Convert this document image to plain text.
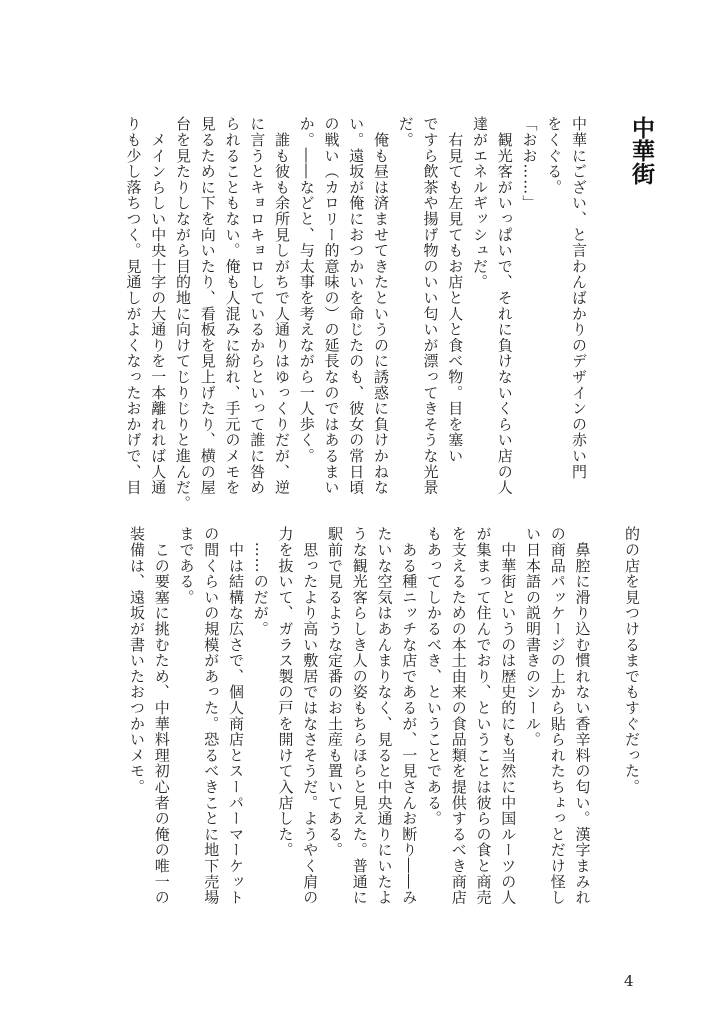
中華街

中華にござい、と言わんばかりのデザインの赤い門

をくぐる。

「おお……」

　観光客がいっぱいで、それに負けないくらい店の人

達がエネルギッシュだ。

　右見ても左見てもお店と人と食べ物。目を塞い

ですら飲茶や揚げ物のいい匂いが漂ってきそうな光景

だ。

　俺も昼は済ませてきたというのに誘惑に負けかねな

い。遠坂が俺におつかいを命じたのも、彼女の常日頃

の戦い（カロリー的意味の）の延長なのではあるまい

か。――などと、与太事を考えながら一人歩く。

　誰も彼も余所見しがちで人通りはゆっくりだが、逆

に言うとキョロキョロしているからといって誰に咎め

られることもない。俺も人混みに紛れ、手元のメモを

見るために下を向いたり、看板を見上げたり、横の屋

台を見たりしながら目的地に向けてじりじりと進んだ。

　メインらしい中央十字の大通りを一本離れれば人通

りも少し落ちつく。見通しがよくなったおかげで、目

的の店を見つけるまでもすぐだった。

　鼻腔に滑り込む慣れない香辛料の匂い。漢字まみれ

の商品パッケージの上から貼られたちょっとだけ怪し

い日本語の説明書きのシール。

　中華街というのは歴史的にも当然に中国ルーツの人

が集まって住んでおり、ということは彼らの食と商売

を支えるための本土由来の食品類を提供するべき商店

もあってしかるべき、ということである。

　ある種ニッチな店であるが、一見さんお断り――み

たいな空気はあんまりなく、見ると中央通りにいたよ

うな観光客らしき人の姿もちらほらと見えた。普通に

駅前で見るような定番のお土産も置いてある。

　思ったより高い敷居ではなさそうだ。ようやく肩の

力を抜いて、ガラス製の戸を開けて入店した。

　……のだが。

　中は結構な広さで、個人商店とスーパーマーケット

の間くらいの規模があった。恐るべきことに地下売場

まである。

　この要塞に挑むため、中華料理初心者の俺の唯一の

装備は、遠坂が書いたおつかいメモ。

4
